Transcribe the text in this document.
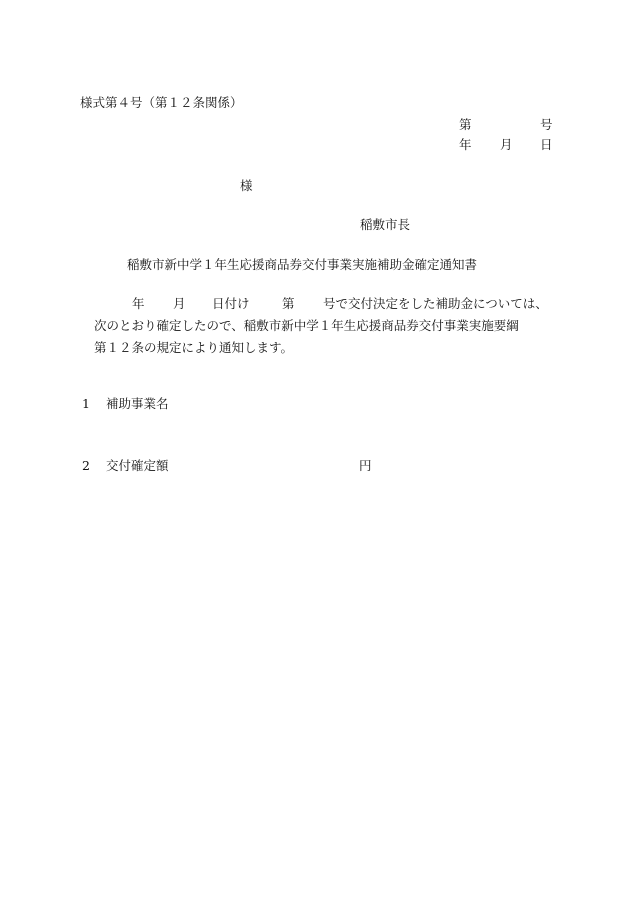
様式第４号（第１２条関係）
第	号
年 月 日
様
稲敷市長
稲敷市新中学１年生応援商品券交付事業実施補助金確定通知書
年 月 日付け	第 号で交付決定をした補助金については、
次のとおり確定したので、稲敷市新中学１年生応援商品券交付事業実施要綱
第１２条の規定により通知します。
1 補助事業名
2 交付確定額	円
